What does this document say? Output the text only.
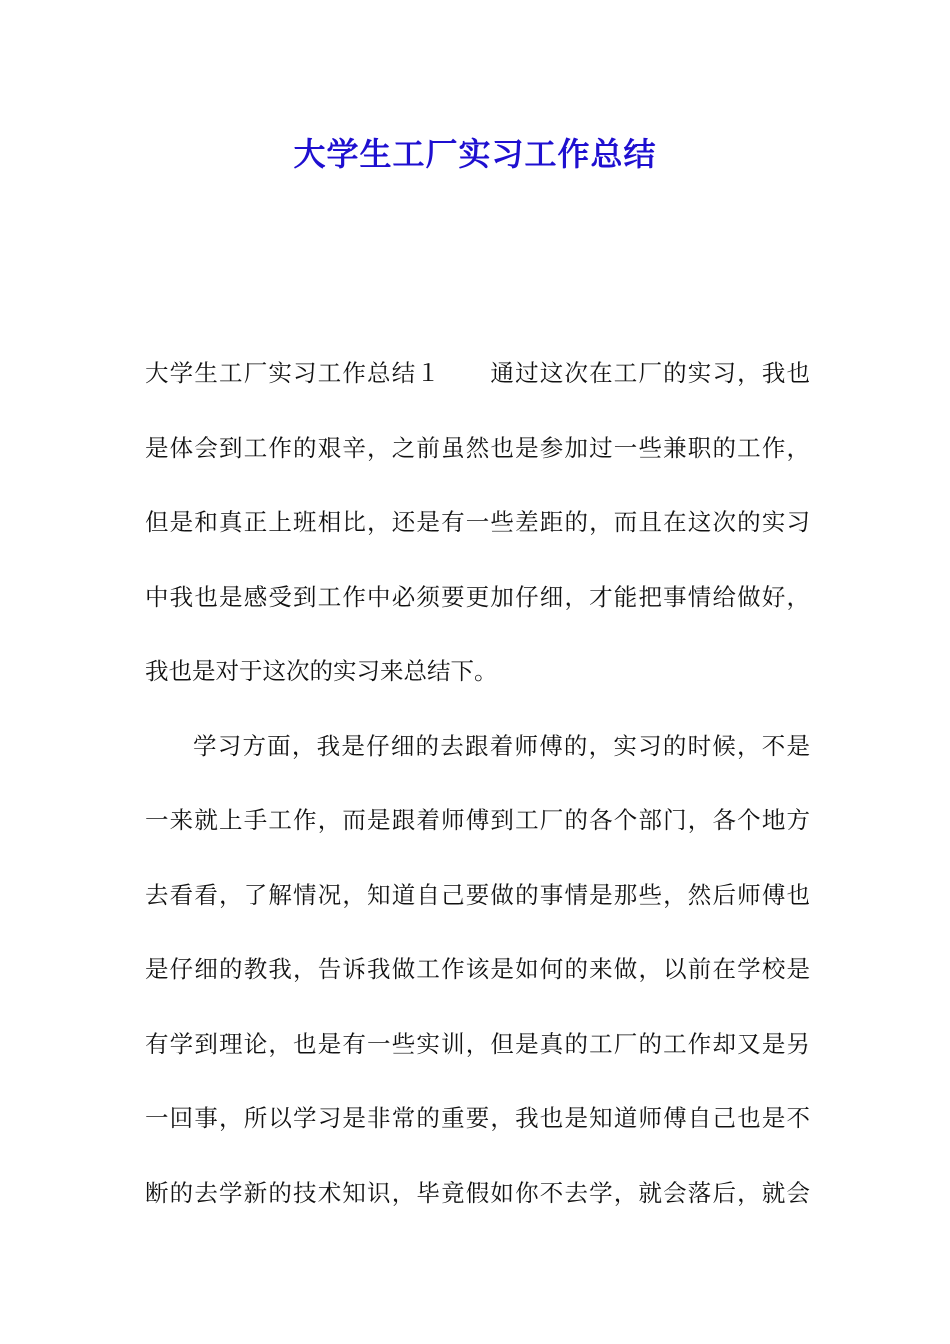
大学生工厂实习工作总结

大学生工厂实习工作总结１　　通过这次在工厂的实习，我也
是体会到工作的艰辛，之前虽然也是参加过一些兼职的工作，
但是和真正上班相比，还是有一些差距的，而且在这次的实习
中我也是感受到工作中必须要更加仔细，才能把事情给做好，
我也是对于这次的实习来总结下。

学习方面，我是仔细的去跟着师傅的，实习的时候，不是
一来就上手工作，而是跟着师傅到工厂的各个部门，各个地方
去看看，了解情况，知道自己要做的事情是那些，然后师傅也
是仔细的教我，告诉我做工作该是如何的来做，以前在学校是
有学到理论，也是有一些实训，但是真的工厂的工作却又是另
一回事，所以学习是非常的重要，我也是知道师傅自己也是不
断的去学新的技术知识，毕竟假如你不去学，就会落后，就会
